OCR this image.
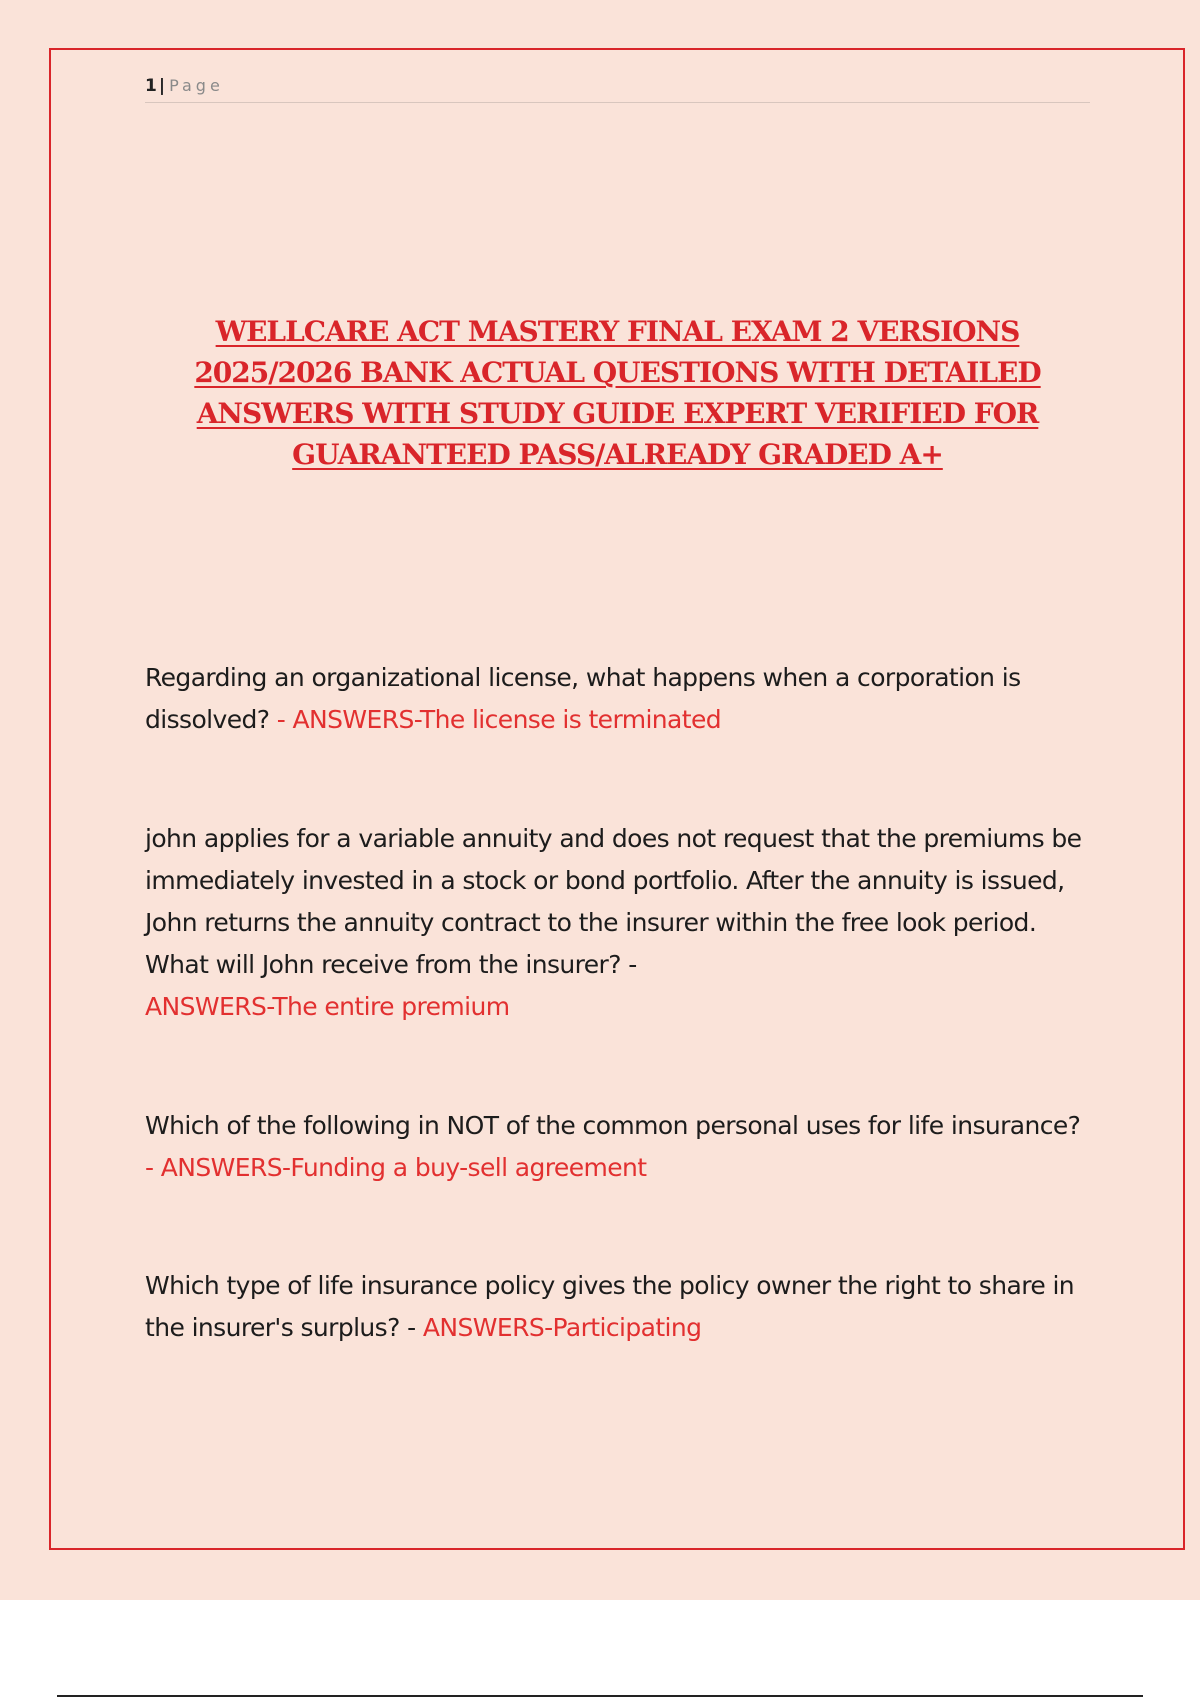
1 | Page
WELLCARE ACT MASTERY FINAL EXAM 2 VERSIONS 2025/2026 BANK ACTUAL QUESTIONS WITH DETAILED ANSWERS WITH STUDY GUIDE EXPERT VERIFIED FOR GUARANTEED PASS/ALREADY GRADED A+

Regarding an organizational license, what happens when a corporation is dissolved? - ANSWERS-The license is terminated

john applies for a variable annuity and does not request that the premiums be immediately invested in a stock or bond portfolio. After the annuity is issued, John returns the annuity contract to the insurer within the free look period. What will John receive from the insurer? -
ANSWERS-The entire premium

Which of the following in NOT of the common personal uses for life insurance? - ANSWERS-Funding a buy-sell agreement

Which type of life insurance policy gives the policy owner the right to share in the insurer's surplus? - ANSWERS-Participating
